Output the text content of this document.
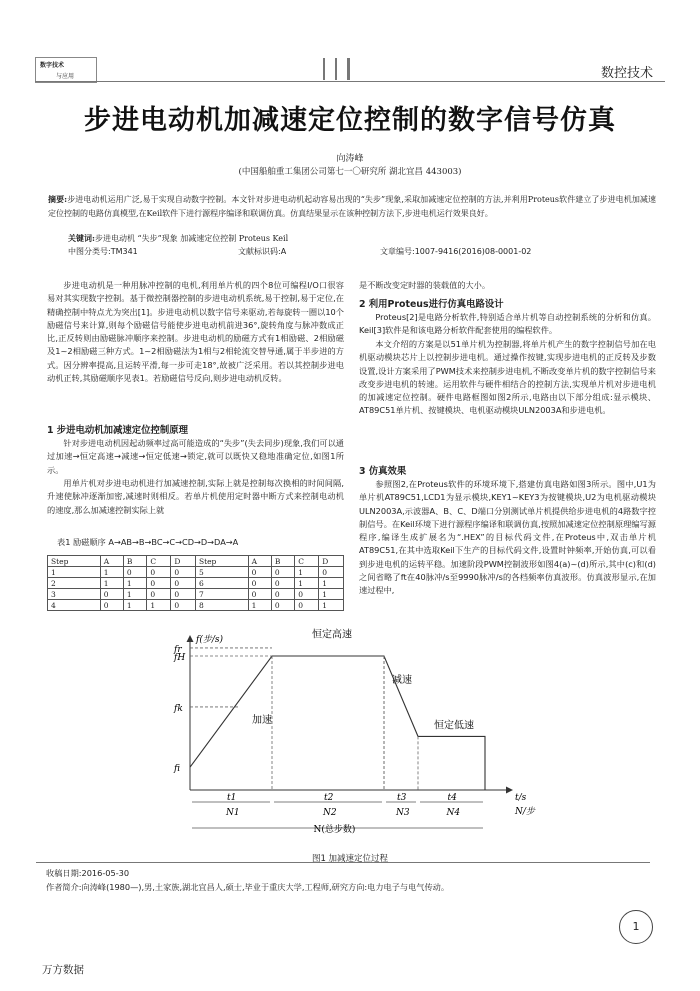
数字技术
与应用	数控技术
步进电动机加减速定位控制的数字信号仿真
向涛峰
(中国船舶重工集团公司第七一〇研究所 湖北宜昌 443003)
摘要:步进电动机运用广泛,易于实现自动数字控制。本文针对步进电动机起动容易出现的“失步”现象,采取加减速定位控制的方法,并利用Proteus软件建立了步进电机加减速定位控制的电路仿真模型,在Keil软件下进行源程序编译和联调仿真。仿真结果显示在该种控制方法下,步进电机运行效果良好。
关键词:步进电动机 “失步”现象 加减速定位控制 Proteus Keil
中图分类号:TM341	文献标识码:A	文章编号:1007-9416(2016)08-0001-02
步进电动机是一种用脉冲控制的电机,利用单片机的四个8位可编程I/O口很容易对其实现数字控制。基于微控制器控制的步进电动机系统,易于控制,易于定位,在精确控制中特点尤为突出[1]。步进电动机以数字信号来驱动,若每旋转一圈以10个励磁信号来计算,则每个励磁信号能使步进电动机前进36°,旋转角度与脉冲数成正比,正反转则由励磁脉冲顺序来控制。步进电动机的励磁方式有1相励磁、2相励磁及1~2相励磁三种方式。1~2相励磁法为1相与2相轮流交替导通,属于半步进的方式。因分辨率提高,且运转平滑,每一步可走18°,故被广泛采用。若以其控制步进电动机正转,其励磁顺序见表1。若励磁信号反向,则步进电动机反转。
1 步进电动机加减速定位控制原理
针对步进电动机因起动频率过高可能造成的“失步”(失去同步)现象,我们可以通过加速→恒定高速→减速→恒定低速→锁定,就可以既快又稳地准确定位,如图1所示。
用单片机对步进电动机进行加减速控制,实际上就是控制每次换相的时间间隔,升速使脉冲逐渐加密,减速时则相反。若单片机使用定时器中断方式来控制电动机的速度,那么加减速控制实际上就
表1 励磁顺序 A→AB→B→BC→C→CD→D→DA→A
Step	A	B	C	D	Step	A	B	C	D
1	1	0	0	0	5	0	0	1	0
2	1	1	0	0	6	0	0	1	1
3	0	1	0	0	7	0	0	0	1
4	0	1	1	0	8	1	0	0	1
是不断改变定时器的装载值的大小。
2 利用Proteus进行仿真电路设计
Proteus[2]是电路分析软件,特别适合单片机等自动控制系统的分析和仿真。Keil[3]软件是和该电路分析软件配套使用的编程软件。
本文介绍的方案是以51单片机为控制器,将单片机产生的数字控制信号加在电机驱动模块芯片上以控制步进电机。通过操作按键,实现步进电机的正反转及步数设置,设计方案采用了PWM技术来控制步进电机,不断改变单片机的数字控制信号来改变步进电机的转速。运用软件与硬件相结合的控制方法,实现单片机对步进电机的加减速定位控制。硬件电路框图如图2所示,电路由以下部分组成:显示模块、AT89C51单片机、按键模块、电机驱动模块ULN2003A和步进电机。
3 仿真效果
参照图2,在Proteus软件的环境环境下,搭建仿真电路如图3所示。图中,U1为单片机AT89C51,LCD1为显示模块,KEY1~KEY3为按键模块,U2为电机驱动模块ULN2003A,示波器A、B、C、D端口分别测试单片机提供给步进电机的4路数字控制信号。在Keil环境下进行源程序编译和联调仿真,按照加减速定位控制原理编写源程序,编译生成扩展名为“.HEX”的目标代码文件,在Proteus中,双击单片机AT89C51,在其中选取Keil下生产的目标代码文件,设置时钟频率,开始仿真,可以看到步进电机的运转平稳。加速阶段PWM控制波形如图4(a)~(d)所示,其中(c)和(d)之间省略了ft在40脉冲/s至9990脉冲/s的各档频率仿真波形。仿真波形显示,在加速过程中,
f(步/s)
t/s
N/步
fr
fH
fk
fi
加速
恒定高速
减速
恒定低速
t1
N1
t2
N2
t3
N3
t4
N4
N(总步数)
图1 加减速定位过程
收稿日期:2016-05-30
作者简介:向涛峰(1980—),男,土家族,湖北宜昌人,硕士,毕业于重庆大学,工程师,研究方向:电力电子与电气传动。
1
万方数据
